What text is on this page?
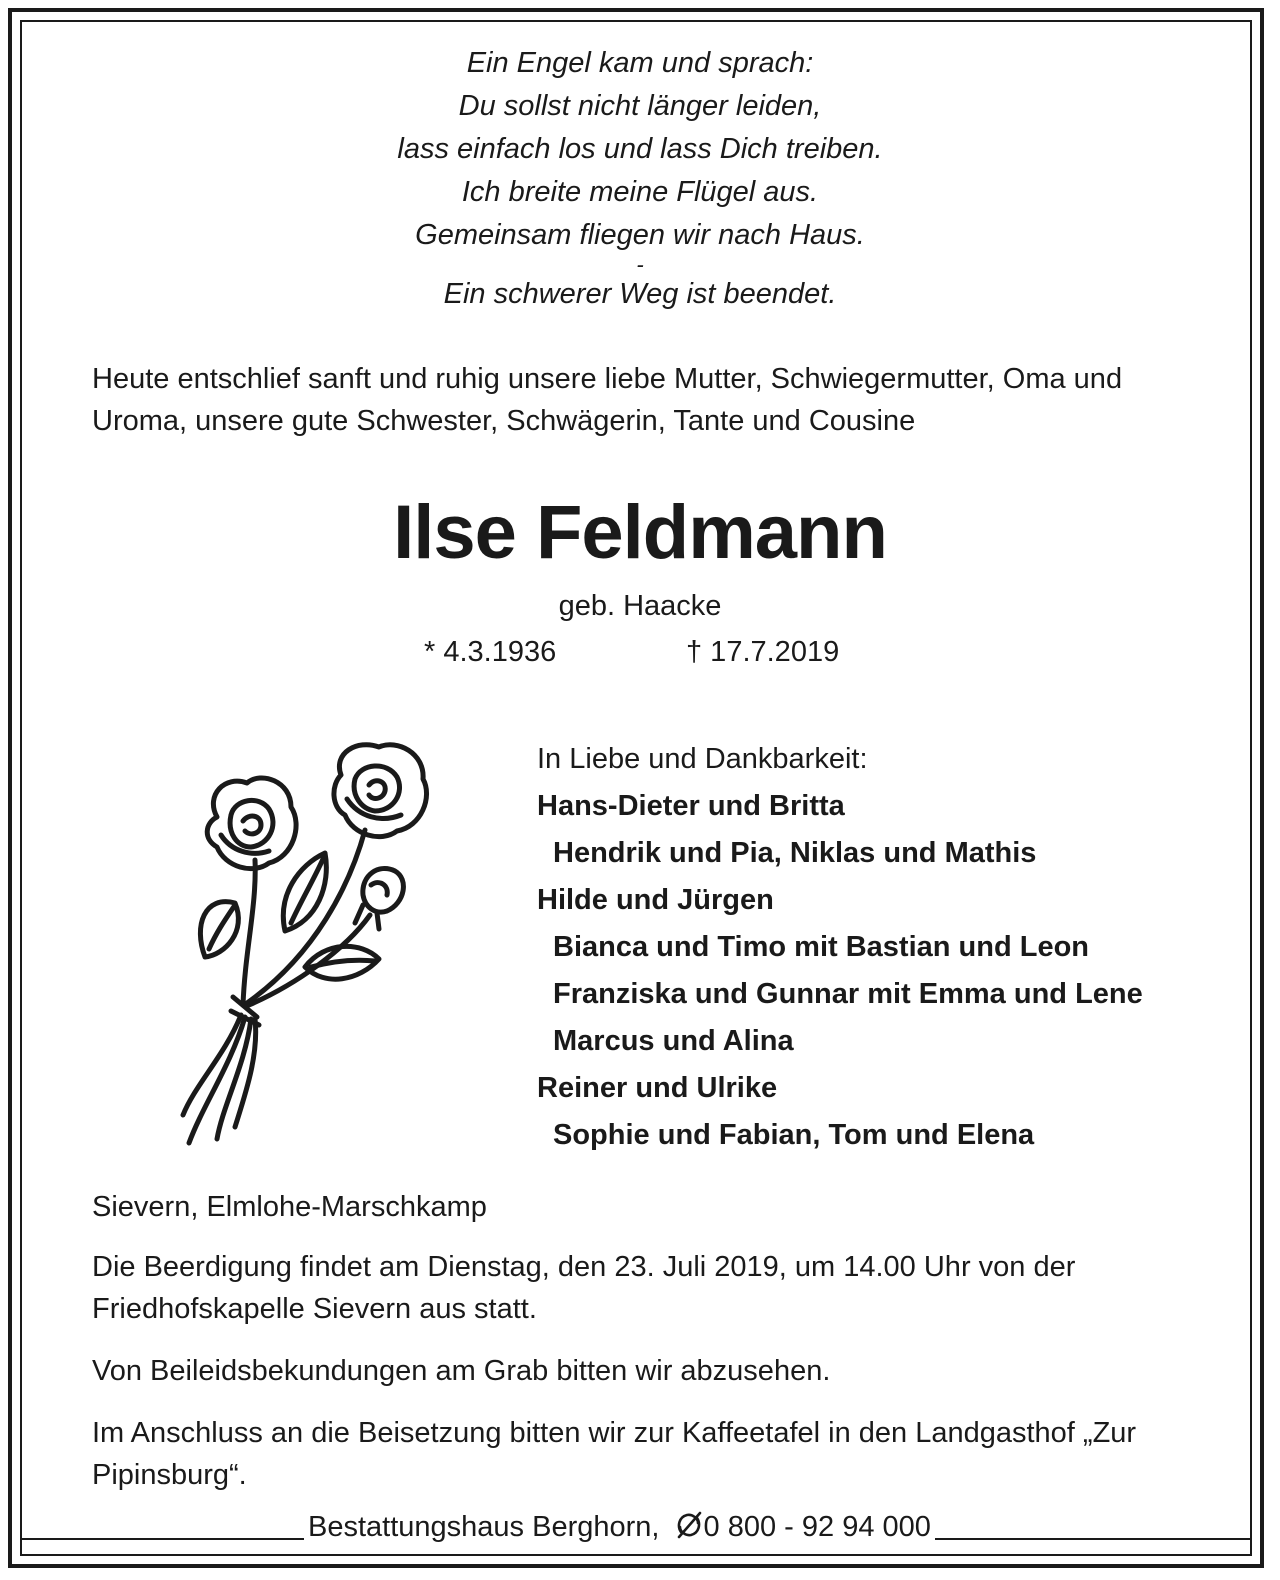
Ein Engel kam und sprach:
Du sollst nicht länger leiden,
lass einfach los und lass Dich treiben.
Ich breite meine Flügel aus.
Gemeinsam fliegen wir nach Haus.
-
Ein schwerer Weg ist beendet.
Heute entschlief sanft und ruhig unsere liebe Mutter, Schwiegermutter, Oma und Uroma, unsere gute Schwester, Schwägerin, Tante und Cousine
Ilse Feldmann
geb. Haacke
* 4.3.1936	† 17.7.2019
In Liebe und Dankbarkeit:
Hans-Dieter und Britta
Hendrik und Pia, Niklas und Mathis
Hilde und Jürgen
Bianca und Timo mit Bastian und Leon
Franziska und Gunnar mit Emma und Lene
Marcus und Alina
Reiner und Ulrike
Sophie und Fabian, Tom und Elena
Sievern, Elmlohe-Marschkamp
Die Beerdigung findet am Dienstag, den 23. Juli 2019, um 14.00 Uhr von der Friedhofskapelle Sievern aus statt.
Von Beileidsbekundungen am Grab bitten wir abzusehen.
Im Anschluss an die Beisetzung bitten wir zur Kaffeetafel in den Landgasthof „Zur Pipinsburg“.
Bestattungshaus Berghorn, 0 800 - 92 94 000
